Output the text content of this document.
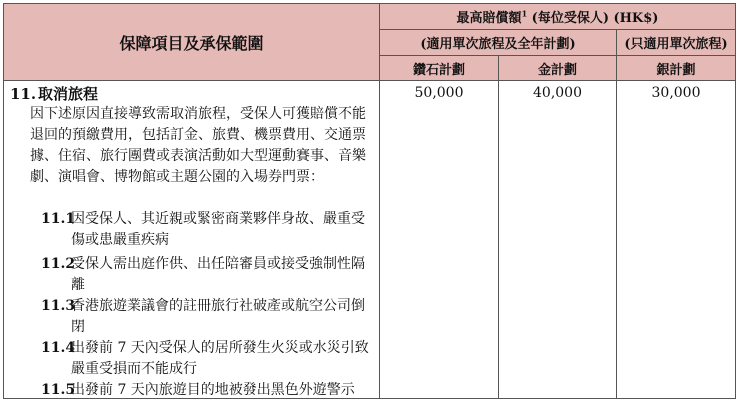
保障項目及承保範圍
最高賠償額$^1$ (每位受保人) (HK$)
(適用單次旅程及全年計劃)	(只適用單次旅程)
鑽石計劃	金計劃	銀計劃
11. 取消旅程
因下述原因直接導致需取消旅程，受保人可獲賠償不能退回的預繳費用，包括訂金、旅費、機票費用、交通票據、住宿、旅行團費或表演活動如大型運動賽事、音樂劇、演唱會、博物館或主題公園的入場券門票：
11.1
因受保人、其近親或緊密商業夥伴身故、嚴重受傷或患嚴重疾病
11.2
受保人需出庭作供、出任陪審員或接受強制性隔離
11.3
香港旅遊業議會的註冊旅行社破產或航空公司倒閉
11.4
出發前 7 天內受保人的居所發生火災或水災引致嚴重受損而不能成行
11.5
出發前 7 天內旅遊目的地被發出黑色外遊警示
50,000	40,000	30,000
